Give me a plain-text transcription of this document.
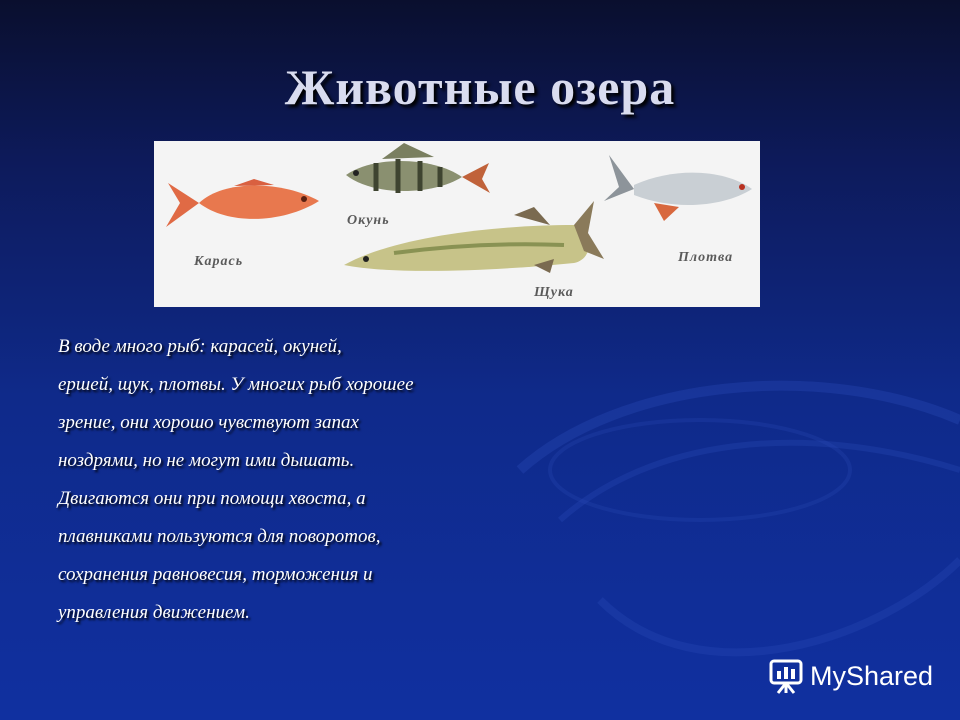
Животные озера
Карась
Окунь
Плотва
Щука
В воде много рыб: карасей, окуней,
ершей, щук, плотвы. У многих рыб хорошее
зрение, они хорошо чувствуют запах
ноздрями, но не могут ими дышать.
Двигаются они при помощи хвоста, а
плавниками пользуются для поворотов,
сохранения равновесия, торможения и
управления движением.
MyShared
